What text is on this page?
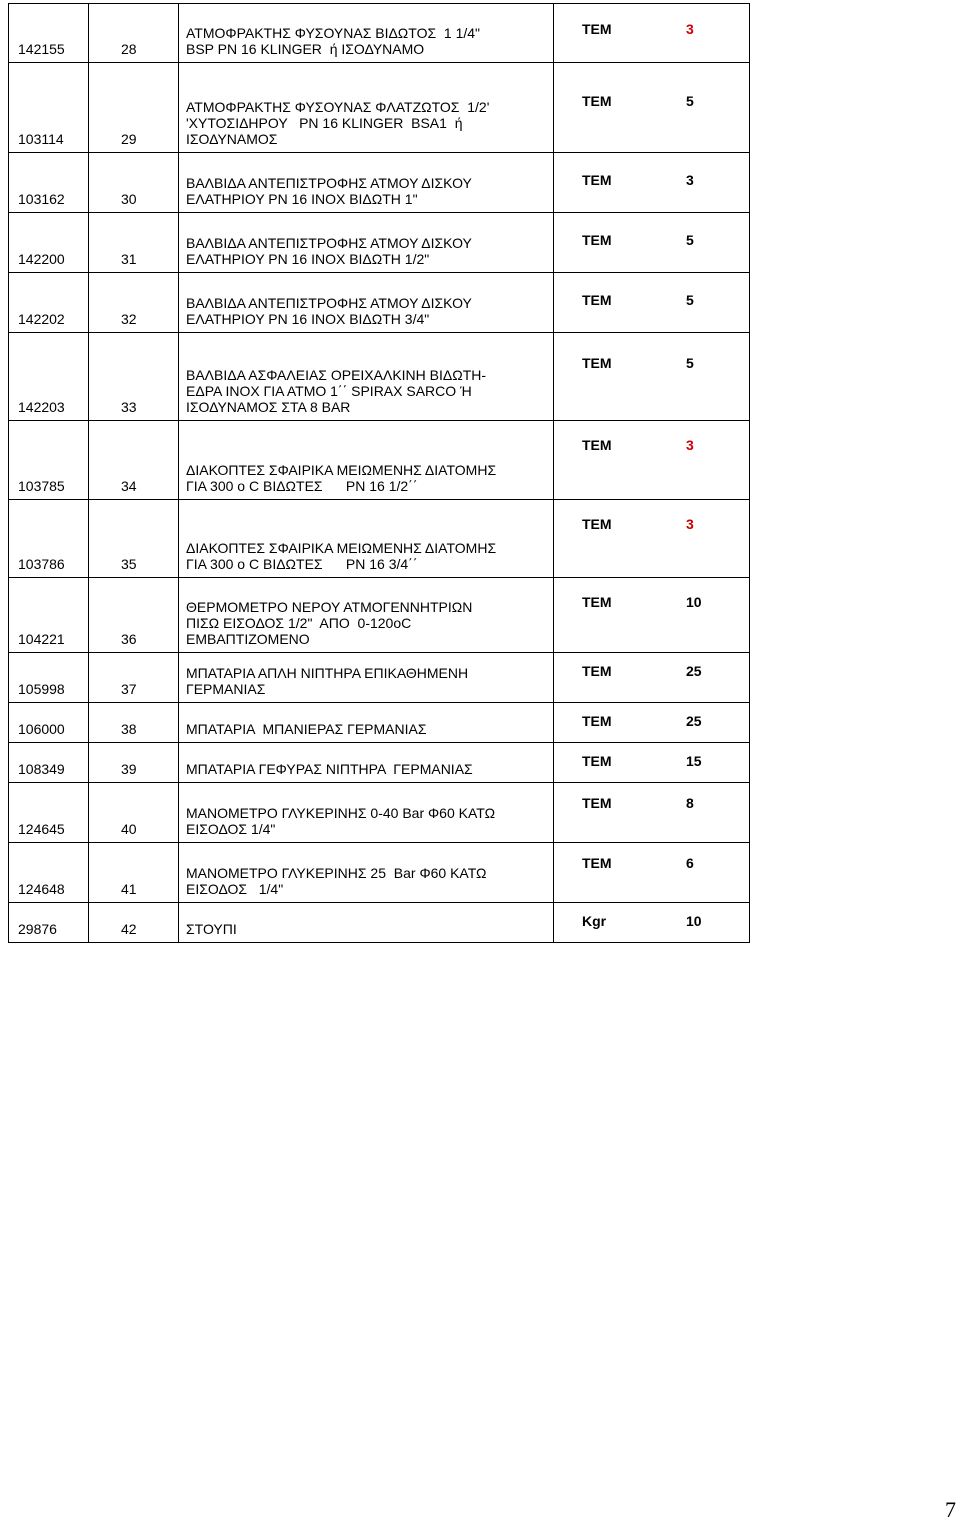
142155	28
ΑΤΜΟΦΡΑΚΤΗΣ ΦΥΣΟΥΝΑΣ ΒΙΔΩΤΟΣ  1 1/4"
BSP PN 16 KLINGER  ή ΙΣΟΔΥΝΑΜΟ
TEM	3
103114	29
ΑΤΜΟΦΡΑΚΤΗΣ ΦΥΣΟΥΝΑΣ ΦΛΑΤΖΩΤΟΣ  1/2'
'ΧΥΤΟΣΙΔΗΡΟΥ   PN 16 KLINGER  BSA1  ή
ΙΣΟΔΥΝΑΜΟΣ
TEM	5
103162	30
ΒΑΛΒΙΔΑ ΑΝΤΕΠΙΣΤΡΟΦΗΣ ΑΤΜΟΥ ΔΙΣΚΟΥ
ΕΛΑΤΗΡΙΟΥ PN 16 INOX ΒΙΔΩΤΗ 1"
TEM	3
142200	31
ΒΑΛΒΙΔΑ ΑΝΤΕΠΙΣΤΡΟΦΗΣ ΑΤΜΟΥ ΔΙΣΚΟΥ
ΕΛΑΤΗΡΙΟΥ PN 16 INOX ΒΙΔΩΤΗ 1/2"
TEM	5
142202	32
ΒΑΛΒΙΔΑ ΑΝΤΕΠΙΣΤΡΟΦΗΣ ΑΤΜΟΥ ΔΙΣΚΟΥ
ΕΛΑΤΗΡΙΟΥ PN 16 INOX ΒΙΔΩΤΗ 3/4"
TEM	5
142203	33
ΒΑΛΒΙΔΑ ΑΣΦΑΛΕΙΑΣ ΟΡΕΙΧΑΛΚΙΝΗ ΒΙΔΩΤΗ-
ΕΔΡΑ INOX ΓΙΑ ΑΤΜΟ 1΄΄ SPIRAX SARCO Ή
ΙΣΟΔΥΝΑΜΟΣ ΣΤΑ 8 BAR
TEM	5
103785	34
ΔΙΑΚΟΠΤΕΣ ΣΦΑΙΡΙΚΑ ΜΕΙΩΜΕΝΗΣ ΔΙΑΤΟΜΗΣ
ΓΙΑ 300 ο C ΒΙΔΩΤΕΣ      PN 16 1/2΄΄
TEM	3
103786	35
ΔΙΑΚΟΠΤΕΣ ΣΦΑΙΡΙΚΑ ΜΕΙΩΜΕΝΗΣ ΔΙΑΤΟΜΗΣ
ΓΙΑ 300 ο C ΒΙΔΩΤΕΣ      PN 16 3/4΄΄
TEM	3
104221	36
ΘΕΡΜΟΜΕΤΡΟ ΝΕΡΟΥ ΑΤΜΟΓΕΝΝΗΤΡΙΩΝ
ΠΙΣΩ ΕΙΣΟΔΟΣ 1/2"  ΑΠΟ  0-120oC
ΕΜΒΑΠΤΙΖΟΜΕΝΟ
TEM	10
105998	37
ΜΠΑΤΑΡΙΑ ΑΠΛΗ ΝΙΠΤΗΡΑ ΕΠΙΚΑΘΗΜΕΝΗ
ΓΕΡΜΑΝΙΑΣ
TEM	25
106000	38	ΜΠΑΤΑΡΙΑ  ΜΠΑΝΙΕΡΑΣ ΓΕΡΜΑΝΙΑΣ	TEM	25
108349	39	ΜΠΑΤΑΡΙΑ ΓΕΦΥΡΑΣ ΝΙΠΤΗΡΑ  ΓΕΡΜΑΝΙΑΣ	TEM	15
124645	40
ΜΑΝΟΜΕΤΡΟ ΓΛΥΚΕΡΙΝΗΣ 0-40 Bar Φ60 ΚΑΤΩ
ΕΙΣΟΔΟΣ 1/4"
TEM	8
124648	41
ΜΑΝΟΜΕΤΡΟ ΓΛΥΚΕΡΙΝΗΣ 25  Bar Φ60 ΚΑΤΩ
ΕΙΣΟΔΟΣ   1/4"
TEM	6
29876	42	ΣΤΟΥΠΙ	Kgr	10
7
